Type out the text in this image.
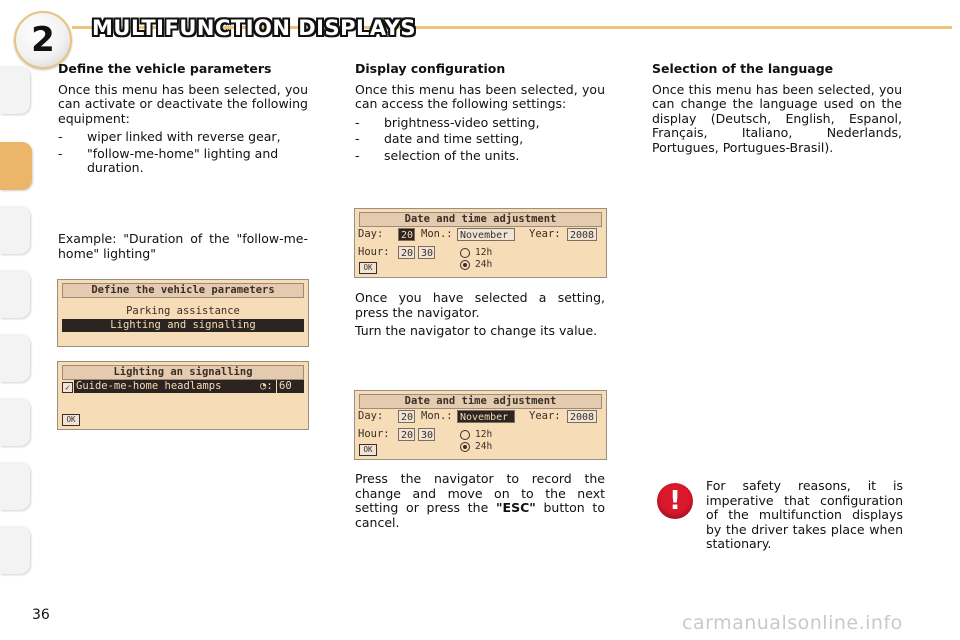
2 MULTIFUNCTION DISPLAYS
Define the vehicle parameters

Once this menu has been selected, you can activate or deactivate the following equipment:

- wiper linked with reverse gear,
- "follow-me-home" lighting and duration.

Example: "Duration of the "follow-me-home" lighting"

Define the vehicle parameters
Parking assistance
Lighting and signalling
Lighting an signalling
✓ Guide-me-home headlamps	◔: 60
OK
Display configuration

Once this menu has been selected, you can access the following settings:

- brightness-video setting,
- date and time setting,
- selection of the units.
Date and time adjustment
Day:	20 Mon.: November	Year: 2008
Hour:	20 30	12h
24h
OK

Once you have selected a setting, press the navigator.

Turn the navigator to change its value.

Date and time adjustment
Day:	20 Mon.: November	Year: 2008
Hour:	20 30	12h
24h
OK

Press the navigator to record the change and move on to the next setting or press the "ESC" button to cancel.

Selection of the language

Once this menu has been selected, you can change the language used on the display (Deutsch, English, Espanol, Français, Italiano, Nederlands, Portugues, Portugues-Brasil).

!

For safety reasons, it is imperative that configuration of the multifunction displays by the driver takes place when stationary.

36	carmanualsonline.info
